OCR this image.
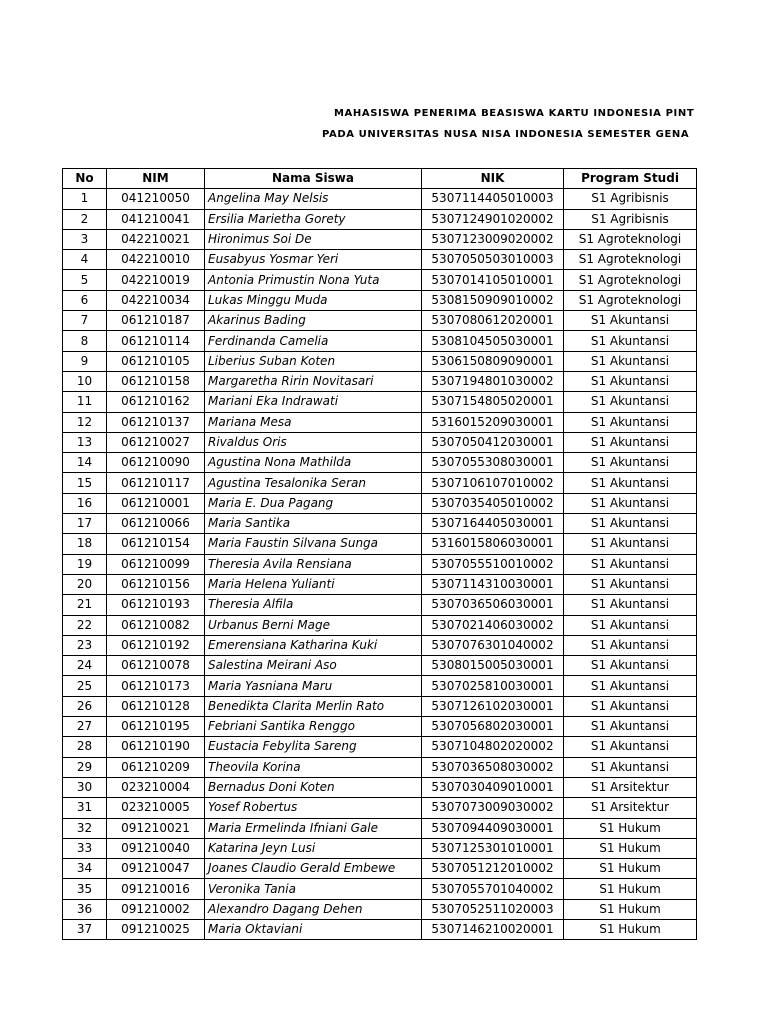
MAHASISWA PENERIMA BEASISWA KARTU INDONESIA PINT
PADA UNIVERSITAS NUSA NISA INDONESIA SEMESTER GENA
No	NIM	Nama Siswa	NIK	Program Studi
1	041210050	Angelina May Nelsis	5307114405010003	S1 Agribisnis
2	041210041	Ersilia Marietha Gorety	5307124901020002	S1 Agribisnis
3	042210021	Hironimus Soi De	5307123009020002	S1 Agroteknologi
4	042210010	Eusabyus Yosmar Yeri	5307050503010003	S1 Agroteknologi
5	042210019	Antonia Primustin Nona Yuta	5307014105010001	S1 Agroteknologi
6	042210034	Lukas Minggu Muda	5308150909010002	S1 Agroteknologi
7	061210187	Akarinus Bading	5307080612020001	S1 Akuntansi
8	061210114	Ferdinanda Camelia	5308104505030001	S1 Akuntansi
9	061210105	Liberius Suban Koten	5306150809090001	S1 Akuntansi
10	061210158	Margaretha Ririn Novitasari	5307194801030002	S1 Akuntansi
11	061210162	Mariani Eka Indrawati	5307154805020001	S1 Akuntansi
12	061210137	Mariana Mesa	5316015209030001	S1 Akuntansi
13	061210027	Rivaldus Oris	5307050412030001	S1 Akuntansi
14	061210090	Agustina Nona Mathilda	5307055308030001	S1 Akuntansi
15	061210117	Agustina Tesalonika Seran	5307106107010002	S1 Akuntansi
16	061210001	Maria E. Dua Pagang	5307035405010002	S1 Akuntansi
17	061210066	Maria Santika	5307164405030001	S1 Akuntansi
18	061210154	Maria Faustin Silvana Sunga	5316015806030001	S1 Akuntansi
19	061210099	Theresia Avila Rensiana	5307055510010002	S1 Akuntansi
20	061210156	Maria Helena Yulianti	5307114310030001	S1 Akuntansi
21	061210193	Theresia Alfila	5307036506030001	S1 Akuntansi
22	061210082	Urbanus Berni Mage	5307021406030002	S1 Akuntansi
23	061210192	Emerensiana Katharina Kuki	5307076301040002	S1 Akuntansi
24	061210078	Salestina Meirani Aso	5308015005030001	S1 Akuntansi
25	061210173	Maria Yasniana Maru	5307025810030001	S1 Akuntansi
26	061210128	Benedikta Clarita Merlin Rato	5307126102030001	S1 Akuntansi
27	061210195	Febriani Santika Renggo	5307056802030001	S1 Akuntansi
28	061210190	Eustacia Febylita Sareng	5307104802020002	S1 Akuntansi
29	061210209	Theovila Korina	5307036508030002	S1 Akuntansi
30	023210004	Bernadus Doni Koten	5307030409010001	S1 Arsitektur
31	023210005	Yosef Robertus	5307073009030002	S1 Arsitektur
32	091210021	Maria Ermelinda Ifniani Gale	5307094409030001	S1 Hukum
33	091210040	Katarina Jeyn Lusi	5307125301010001	S1 Hukum
34	091210047	Joanes Claudio Gerald Embewe	5307051212010002	S1 Hukum
35	091210016	Veronika Tania	5307055701040002	S1 Hukum
36	091210002	Alexandro Dagang Dehen	5307052511020003	S1 Hukum
37	091210025	Maria Oktaviani	5307146210020001	S1 Hukum
